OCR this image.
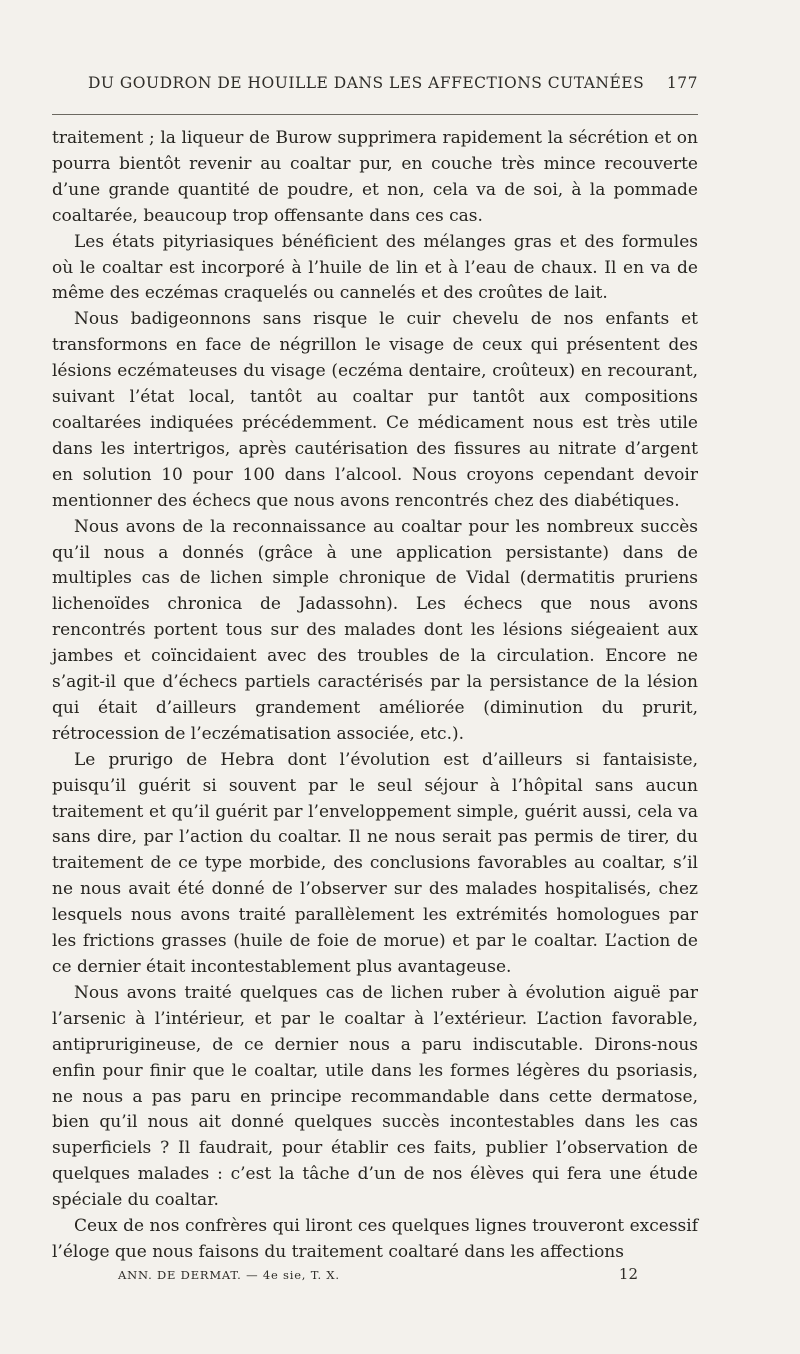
DU GOUDRON DE HOUILLE DANS LES AFFECTIONS CUTANÉES 177

traitement ; la liqueur de Burow supprimera rapidement la sécrétion et on pourra bientôt revenir au coaltar pur, en couche très mince recouverte d’une grande quantité de poudre, et non, cela va de soi, à la pommade coaltarée, beaucoup trop offensante dans ces cas.

Les états pityriasiques bénéficient des mélanges gras et des formules où le coaltar est incorporé à l’huile de lin et à l’eau de chaux. Il en va de même des eczémas craquelés ou cannelés et des croûtes de lait.

Nous badigeonnons sans risque le cuir chevelu de nos enfants et transformons en face de négrillon le visage de ceux qui présentent des lésions eczémateuses du visage (eczéma dentaire, croûteux) en recourant, suivant l’état local, tantôt au coaltar pur tantôt aux compositions coaltarées indiquées précédemment. Ce médicament nous est très utile dans les intertrigos, après cautérisation des fissures au nitrate d’argent en solution 10 pour 100 dans l’alcool. Nous croyons cependant devoir mentionner des échecs que nous avons rencontrés chez des diabétiques.

Nous avons de la reconnaissance au coaltar pour les nombreux succès qu’il nous a donnés (grâce à une application persistante) dans de multiples cas de lichen simple chronique de Vidal (dermatitis pruriens lichenoïdes chronica de Jadassohn). Les échecs que nous avons rencontrés portent tous sur des malades dont les lésions siégeaient aux jambes et coïncidaient avec des troubles de la circulation. Encore ne s’agit-il que d’échecs partiels caractérisés par la persistance de la lésion qui était d’ailleurs grandement améliorée (diminution du prurit, rétrocession de l’eczématisation associée, etc.).

Le prurigo de Hebra dont l’évolution est d’ailleurs si fantaisiste, puisqu’il guérit si souvent par le seul séjour à l’hôpital sans aucun traitement et qu’il guérit par l’enveloppement simple, guérit aussi, cela va sans dire, par l’action du coaltar. Il ne nous serait pas permis de tirer, du traitement de ce type morbide, des conclusions favorables au coaltar, s’il ne nous avait été donné de l’observer sur des malades hospitalisés, chez lesquels nous avons traité parallèlement les extrémités homologues par les frictions grasses (huile de foie de morue) et par le coaltar. L’action de ce dernier était incontestablement plus avantageuse.

Nous avons traité quelques cas de lichen ruber à évolution aiguë par l’arsenic à l’intérieur, et par le coaltar à l’extérieur. L’action favorable, antiprurigineuse, de ce dernier nous a paru indiscutable. Dirons-nous enfin pour finir que le coaltar, utile dans les formes légères du psoriasis, ne nous a pas paru en principe recommandable dans cette dermatose, bien qu’il nous ait donné quelques succès incontestables dans les cas superficiels ? Il faudrait, pour établir ces faits, publier l’observation de quelques malades : c’est la tâche d’un de nos élèves qui fera une étude spéciale du coaltar.

Ceux de nos confrères qui liront ces quelques lignes trouveront excessif l’éloge que nous faisons du traitement coaltaré dans les affections

ANN. DE DERMAT. — 4e sie, T. X.	12
